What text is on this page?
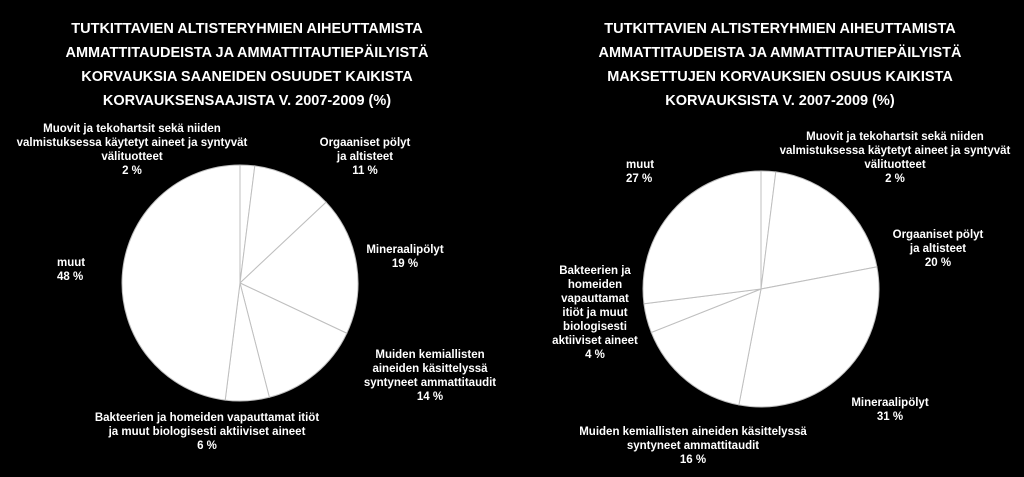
TUTKITTAVIEN ALTISTERYHMIEN AIHEUTTAMISTA
AMMATTITAUDEISTA JA AMMATTITAUTIEPÄILYISTÄ
KORVAUKSIA SAANEIDEN OSUUDET KAIKISTA
KORVAUKSENSAAJISTA V. 2007-2009 (%)
TUTKITTAVIEN ALTISTERYHMIEN AIHEUTTAMISTA
AMMATTITAUDEISTA JA AMMATTITAUTIEPÄILYISTÄ
MAKSETTUJEN KORVAUKSIEN OSUUS KAIKISTA
KORVAUKSISTA V. 2007-2009 (%)
Muovit ja tekohartsit sekä niiden
valmistuksessa käytetyt aineet ja syntyvät
välituotteet
2 %
Orgaaniset pölyt
ja altisteet
11 %
Mineraalipölyt
19 %
Muiden kemiallisten
aineiden käsittelyssä
syntyneet ammattitaudit
14 %
Bakteerien ja homeiden vapauttamat itiöt
ja muut biologisesti aktiiviset aineet
6 %
muut
48 %
Muovit ja tekohartsit sekä niiden
valmistuksessa käytetyt aineet ja syntyvät
välituotteet
2 %
Orgaaniset pölyt
ja altisteet
20 %
Mineraalipölyt
31 %
Muiden kemiallisten aineiden käsittelyssä
syntyneet ammattitaudit
16 %
Bakteerien ja
homeiden
vapauttamat
itiöt ja muut
biologisesti
aktiiviset aineet
4 %
muut
27 %
